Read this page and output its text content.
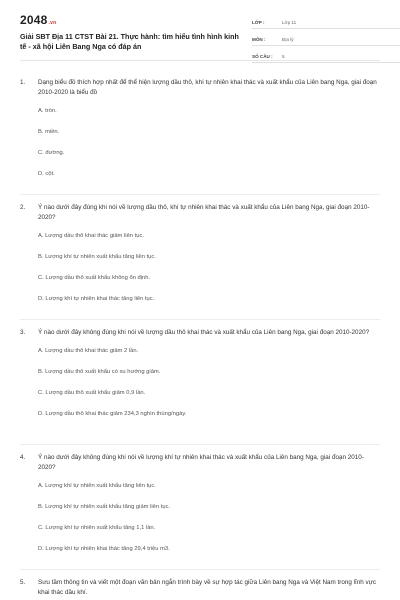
2048.vn
Giải SBT Địa 11 CTST Bài 21. Thực hành: tìm hiểu tình hình kinh tế - xã hội Liên Bang Nga có đáp án
LỚP :	Lớp 11
MÔN :	Địa lý
SỐ CÂU :	5
1.	Dạng biểu đồ thích hợp nhất để thể hiện lượng dầu thô, khí tự nhiên khai thác và xuất khẩu của Liên bang Nga, giai đoạn 2010-2020 là biểu đồ
A. tròn.
B. miền.
C. đường.
D. cột.
2.	Ý nào dưới đây đúng khi nói về lượng dầu thô, khí tự nhiên khai thác và xuất khẩu của Liên bang Nga, giai đoạn 2010-2020?
A. Lượng dầu thô khai thác giảm liên tục.
B. Lượng khí tự nhiên xuất khẩu tăng liên tục.
C. Lượng dầu thô xuất khẩu không ổn định.
D. Lượng khí tự nhiên khai thác tăng liên tục.
3.	Ý nào dưới đây không đúng khi nói về lượng dầu thô khai thác và xuất khẩu của Liên bang Nga, giai đoạn 2010-2020?
A. Lượng dầu thô khai thác giảm 2 lần.
B. Lượng dầu thô xuất khẩu có xu hướng giảm.
C. Lượng dầu thô xuất khẩu giảm 0,9 lần.
D. Lượng dầu thô khai thác giảm 234,3 nghìn thùng/ngày.
4.	Ý nào dưới đây không đúng khi nói về lượng khí tự nhiên khai thác và xuất khẩu của Liên bang Nga, giai đoạn 2010-2020?
A. Lượng khí tự nhiên xuất khẩu tăng liên tục.
B. Lượng khí tự nhiên xuất khẩu tăng giảm liên tục.
C. Lượng khí tự nhiên xuất khẩu tăng 1,1 lần.
D. Lượng khí tự nhiên khai thác tăng 29,4 triệu m3.
5.	Sưu tầm thông tin và viết một đoạn văn bản ngắn trình bày về sự hợp tác giữa Liên bang Nga và Việt Nam trong lĩnh vực khai thác dầu khí.
